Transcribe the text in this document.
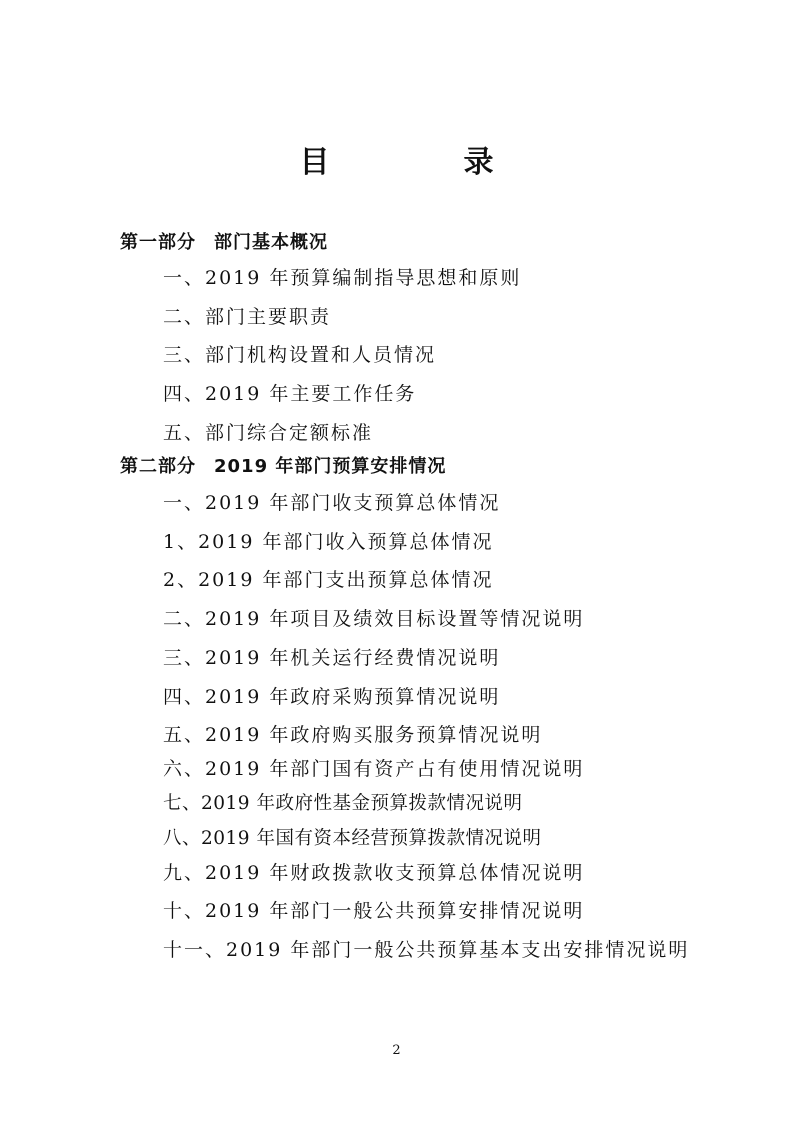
目　录
第一部分 部门基本概况
一、2019 年预算编制指导思想和原则
二、部门主要职责
三、部门机构设置和人员情况
四、2019 年主要工作任务
五、部门综合定额标准
第二部分 2019 年部门预算安排情况
一、2019 年部门收支预算总体情况
1、2019 年部门收入预算总体情况
2、2019 年部门支出预算总体情况
二、2019 年项目及绩效目标设置等情况说明
三、2019 年机关运行经费情况说明
四、2019 年政府采购预算情况说明
五、2019 年政府购买服务预算情况说明
六、2019 年部门国有资产占有使用情况说明
七、2019 年政府性基金预算拨款情况说明
八、2019 年国有资本经营预算拨款情况说明
九、2019 年财政拨款收支预算总体情况说明
十、2019 年部门一般公共预算安排情况说明
十一、2019 年部门一般公共预算基本支出安排情况说明
2
